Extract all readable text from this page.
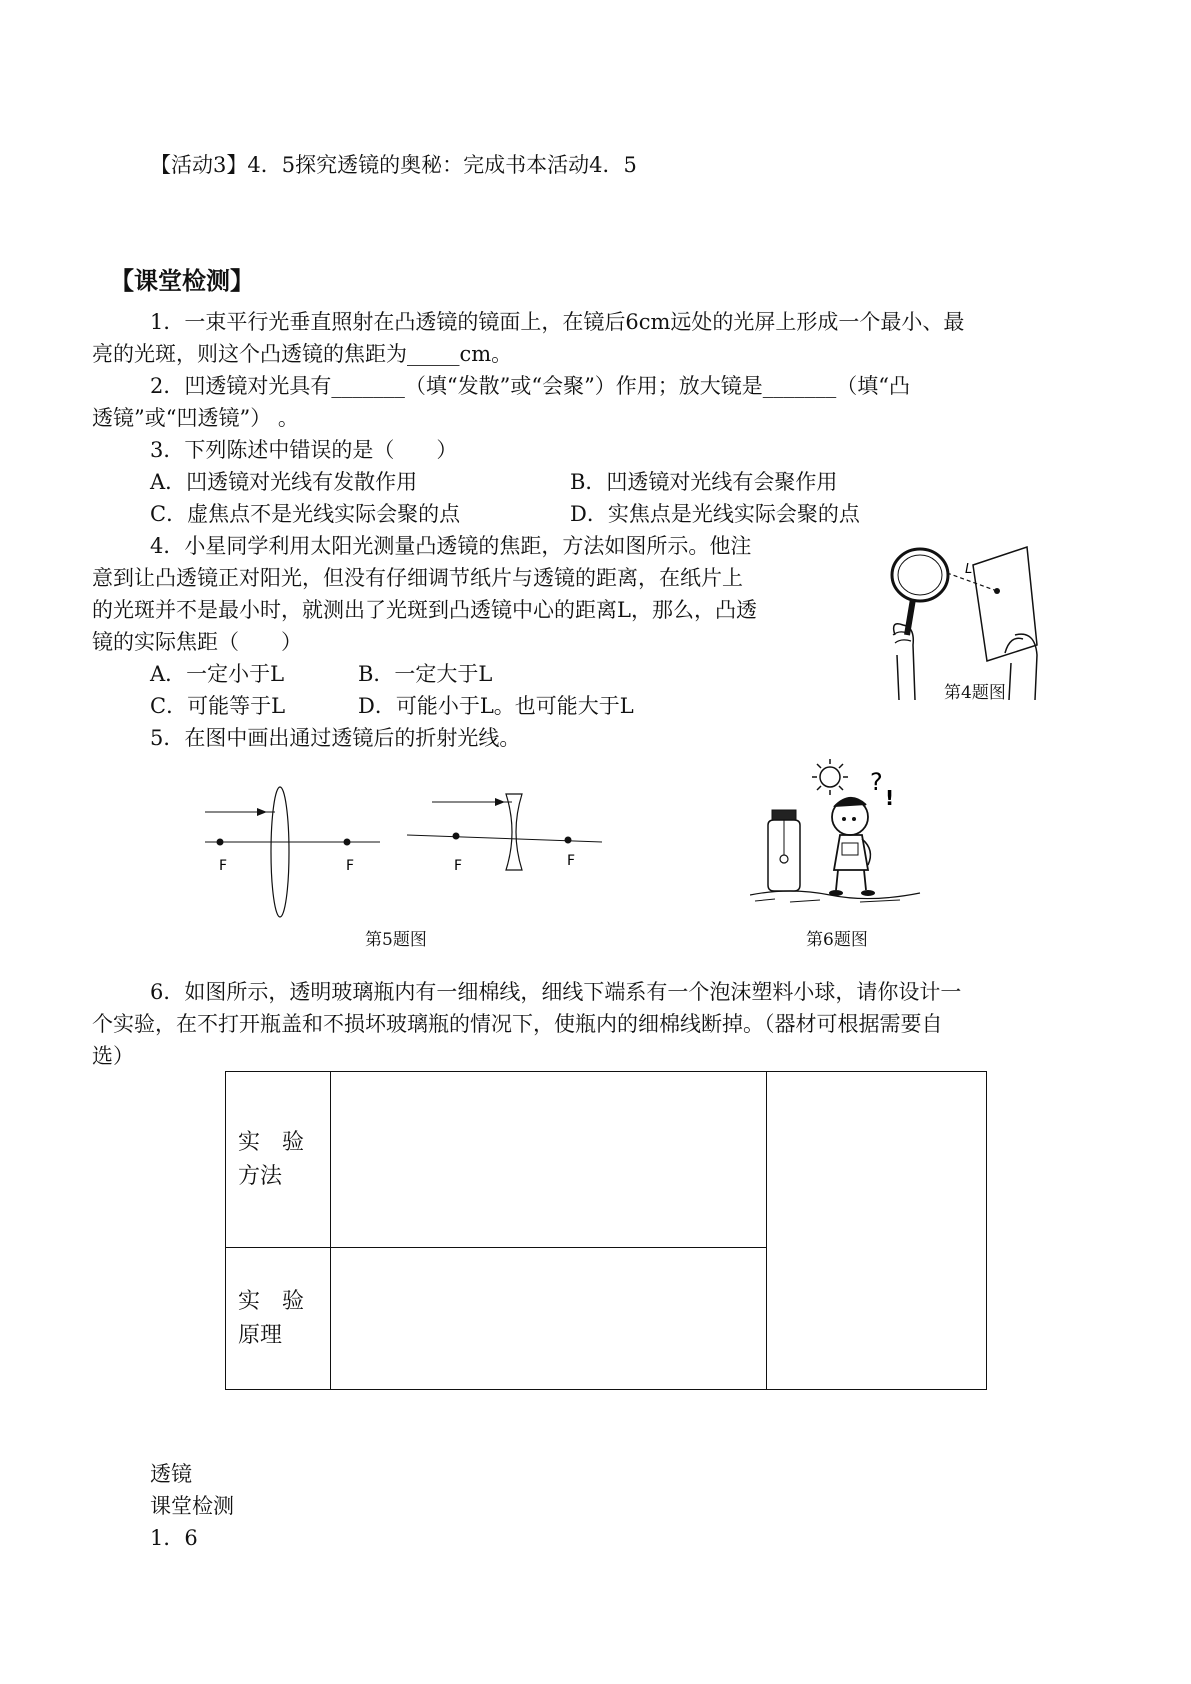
【活动3】4．5探究透镜的奥秘：完成书本活动4．5
【课堂检测】
1．一束平行光垂直照射在凸透镜的镜面上，在镜后6cm远处的光屏上形成一个最小、最
亮的光斑，则这个凸透镜的焦距为_____cm。
2．凹透镜对光具有_______（填“发散”或“会聚”）作用；放大镜是_______（填“凸
透镜”或“凹透镜”） 。
3．下列陈述中错误的是（　　）
A．凹透镜对光线有发散作用	B．凹透镜对光线有会聚作用
C．虚焦点不是光线实际会聚的点	D．实焦点是光线实际会聚的点
4．小星同学利用太阳光测量凸透镜的焦距，方法如图所示。他注
意到让凸透镜正对阳光，但没有仔细调节纸片与透镜的距离，在纸片上
的光斑并不是最小时，就测出了光斑到凸透镜中心的距离L，那么，凸透
镜的实际焦距（　　）
A．一定小于L	B．一定大于L
C．可能等于L	D．可能小于L。也可能大于L
L
第4题图
5．在图中画出通过透镜后的折射光线。
F	F	F	F
第5题图
?
!
第6题图
6．如图所示，透明玻璃瓶内有一细棉线，细线下端系有一个泡沫塑料小球，请你设计一
个实验，在不打开瓶盖和不损坏玻璃瓶的情况下，使瓶内的细棉线断掉。（器材可根据需要自
选）
实验
方法		

实验
原理		

透镜
课堂检测
1．6
